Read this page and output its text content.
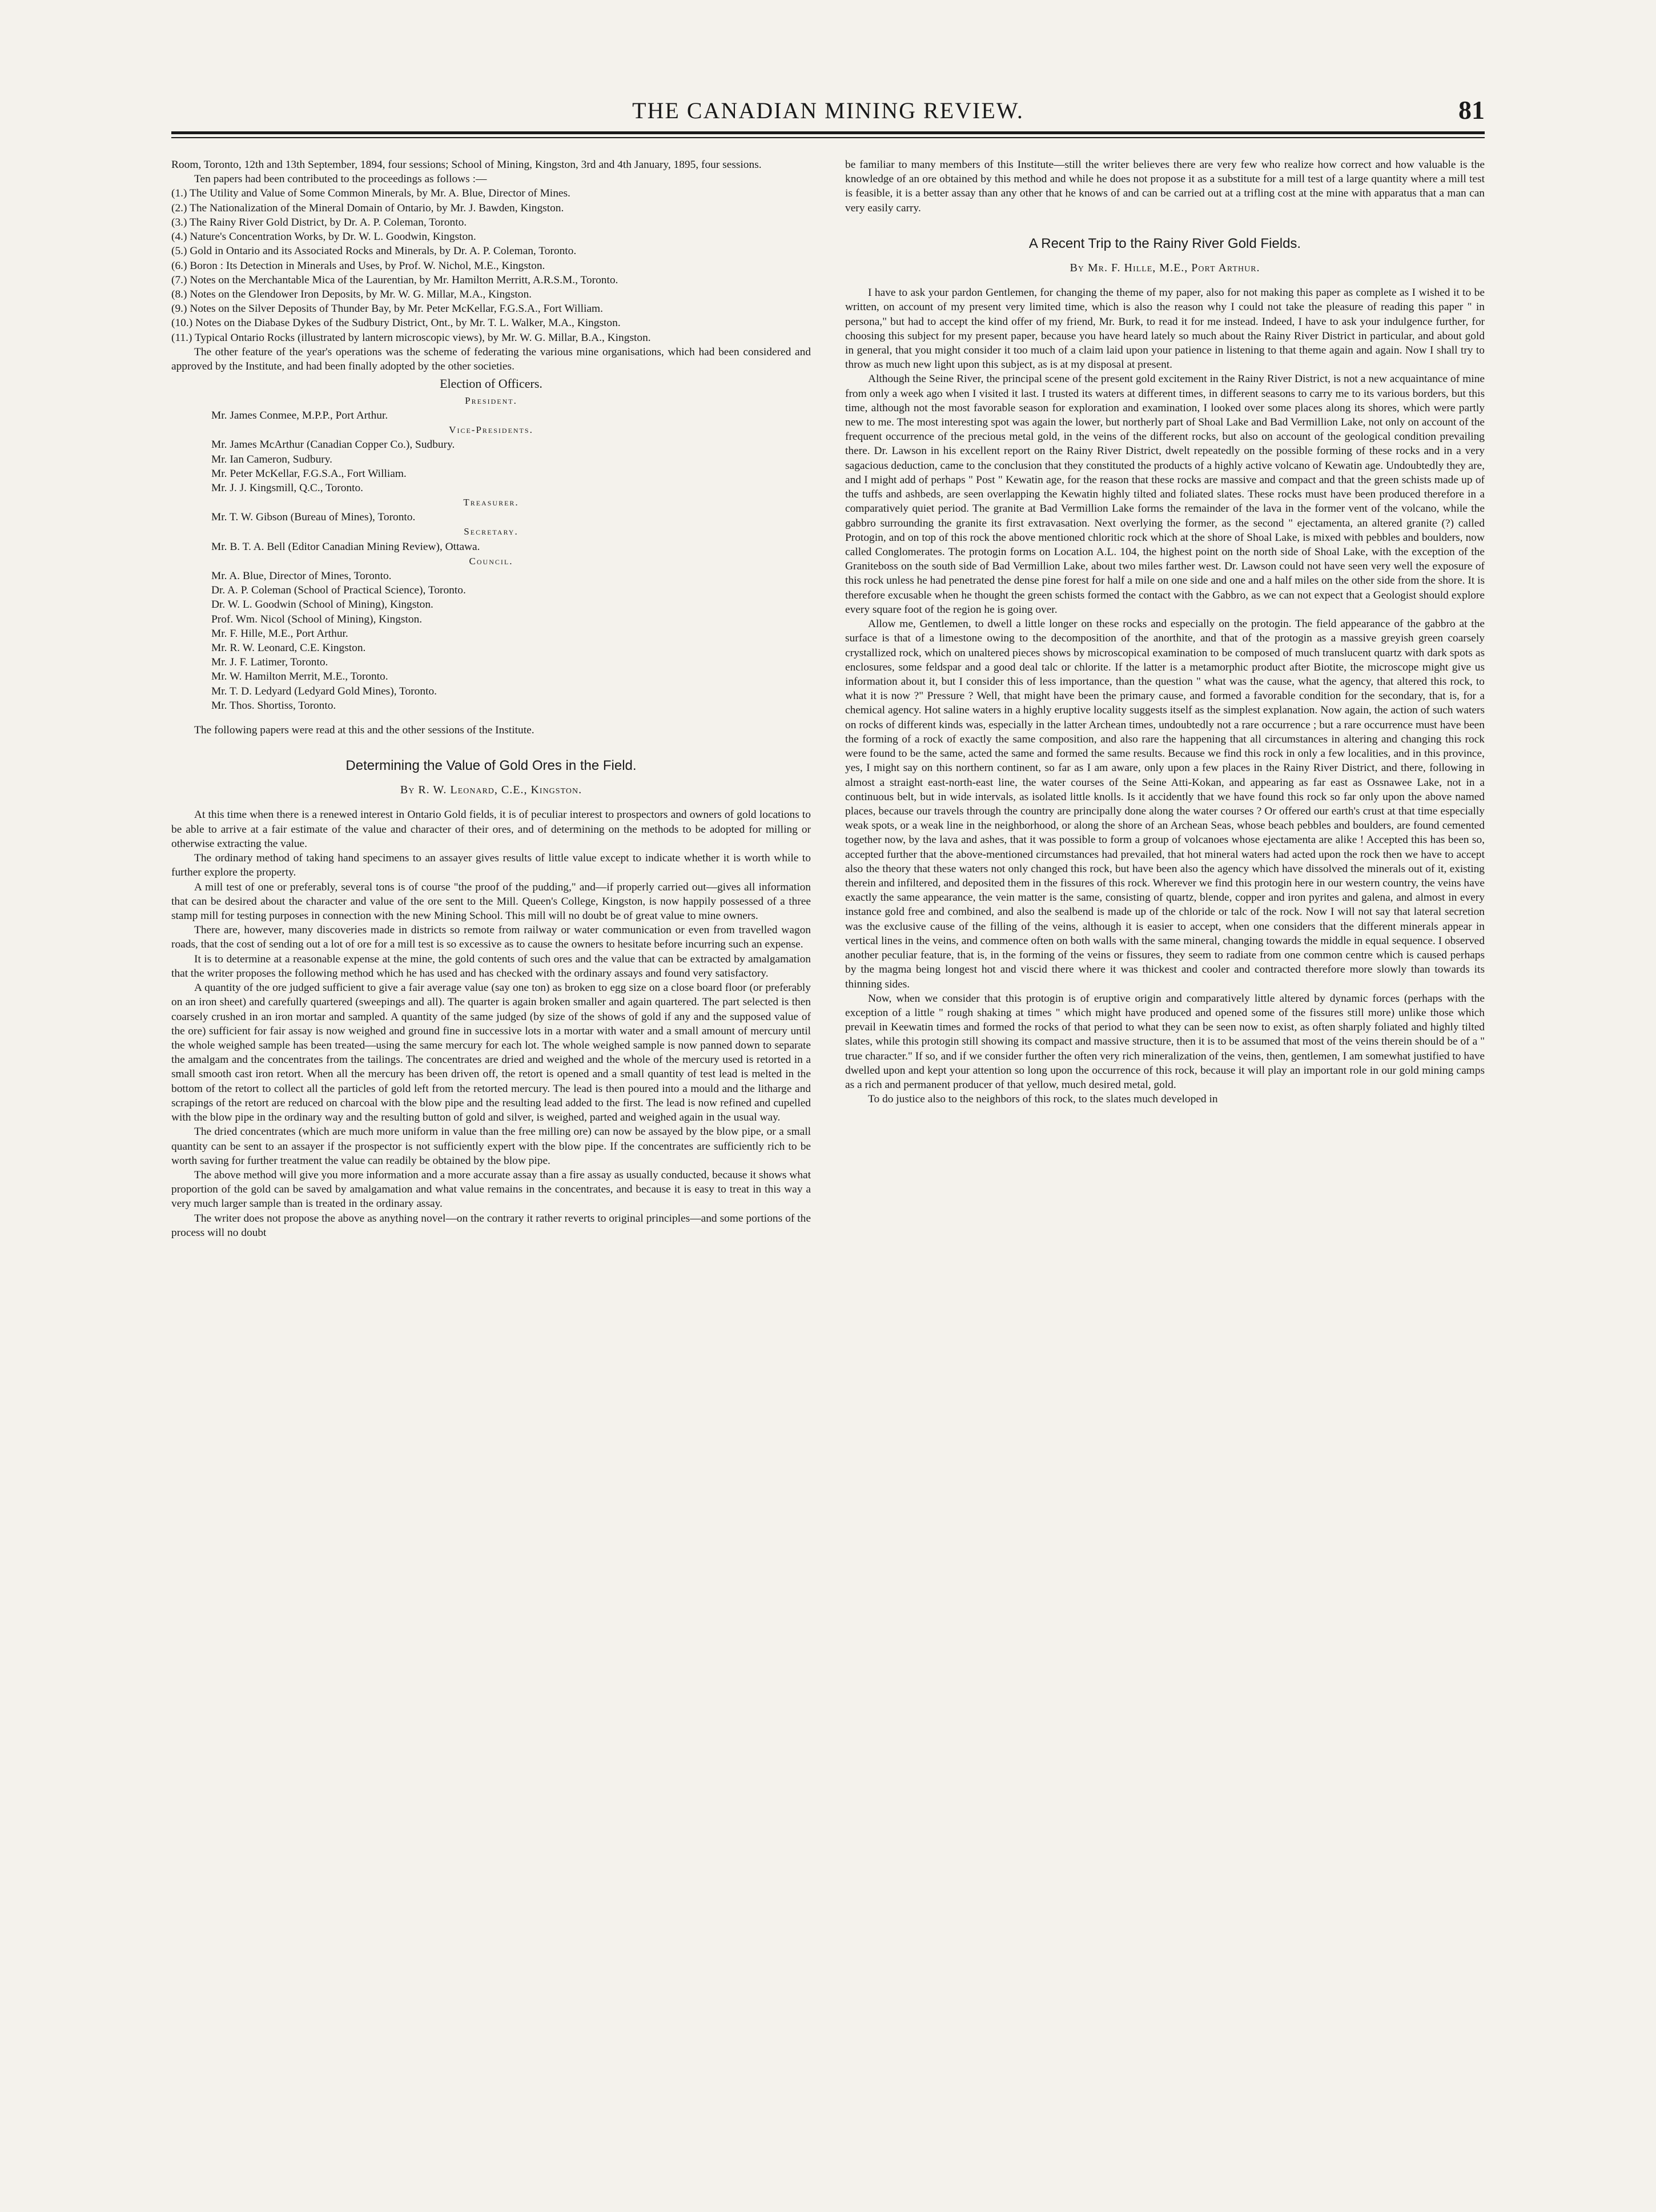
THE CANADIAN MINING REVIEW.	81

Room, Toronto, 12th and 13th September, 1894, four sessions; School of Mining, Kingston, 3rd and 4th January, 1895, four sessions.

Ten papers had been contributed to the proceedings as follows :—

(1.) The Utility and Value of Some Common Minerals, by Mr. A. Blue, Director of Mines.
(2.) The Nationalization of the Mineral Domain of Ontario, by Mr. J. Bawden, Kingston.
(3.) The Rainy River Gold District, by Dr. A. P. Coleman, Toronto.
(4.) Nature's Concentration Works, by Dr. W. L. Goodwin, Kingston.
(5.) Gold in Ontario and its Associated Rocks and Minerals, by Dr. A. P. Coleman, Toronto.
(6.) Boron : Its Detection in Minerals and Uses, by Prof. W. Nichol, M.E., Kingston.
(7.) Notes on the Merchantable Mica of the Laurentian, by Mr. Hamilton Merritt, A.R.S.M., Toronto.
(8.) Notes on the Glendower Iron Deposits, by Mr. W. G. Millar, M.A., Kingston.
(9.) Notes on the Silver Deposits of Thunder Bay, by Mr. Peter McKellar, F.G.S.A., Fort William.
(10.) Notes on the Diabase Dykes of the Sudbury District, Ont., by Mr. T. L. Walker, M.A., Kingston.
(11.) Typical Ontario Rocks (illustrated by lantern microscopic views), by Mr. W. G. Millar, B.A., Kingston.

The other feature of the year's operations was the scheme of federating the various mine organisations, which had been considered and approved by the Institute, and had been finally adopted by the other societies.

Election of Officers.
President.
Mr. James Conmee, M.P.P., Port Arthur.
Vice-Presidents.
Mr. James McArthur (Canadian Copper Co.), Sudbury.
Mr. Ian Cameron, Sudbury.
Mr. Peter McKellar, F.G.S.A., Fort William.
Mr. J. J. Kingsmill, Q.C., Toronto.
Treasurer.
Mr. T. W. Gibson (Bureau of Mines), Toronto.
Secretary.
Mr. B. T. A. Bell (Editor Canadian Mining Review), Ottawa.
Council.
Mr. A. Blue, Director of Mines, Toronto.
Dr. A. P. Coleman (School of Practical Science), Toronto.
Dr. W. L. Goodwin (School of Mining), Kingston.
Prof. Wm. Nicol (School of Mining), Kingston.
Mr. F. Hille, M.E., Port Arthur.
Mr. R. W. Leonard, C.E. Kingston.
Mr. J. F. Latimer, Toronto.
Mr. W. Hamilton Merrit, M.E., Toronto.
Mr. T. D. Ledyard (Ledyard Gold Mines), Toronto.
Mr. Thos. Shortiss, Toronto.

The following papers were read at this and the other sessions of the Institute.

Determining the Value of Gold Ores in the Field.
By R. W. Leonard, C.E., Kingston.

At this time when there is a renewed interest in Ontario Gold fields, it is of peculiar interest to prospectors and owners of gold locations to be able to arrive at a fair estimate of the value and character of their ores, and of determining on the methods to be adopted for milling or otherwise extracting the value.

The ordinary method of taking hand specimens to an assayer gives results of little value except to indicate whether it is worth while to further explore the property.

A mill test of one or preferably, several tons is of course "the proof of the pudding," and—if properly carried out—gives all information that can be desired about the character and value of the ore sent to the Mill. Queen's College, Kingston, is now happily possessed of a three stamp mill for testing purposes in connection with the new Mining School. This mill will no doubt be of great value to mine owners.

There are, however, many discoveries made in districts so remote from railway or water communication or even from travelled wagon roads, that the cost of sending out a lot of ore for a mill test is so excessive as to cause the owners to hesitate before incurring such an expense.

It is to determine at a reasonable expense at the mine, the gold contents of such ores and the value that can be extracted by amalgamation that the writer proposes the following method which he has used and has checked with the ordinary assays and found very satisfactory.

A quantity of the ore judged sufficient to give a fair average value (say one ton) as broken to egg size on a close board floor (or preferably on an iron sheet) and carefully quartered (sweepings and all). The quarter is again broken smaller and again quartered. The part selected is then coarsely crushed in an iron mortar and sampled. A quantity of the same judged (by size of the shows of gold if any and the supposed value of the ore) sufficient for fair assay is now weighed and ground fine in successive lots in a mortar with water and a small amount of mercury until the whole weighed sample has been treated—using the same mercury for each lot. The whole weighed sample is now panned down to separate the amalgam and the concentrates from the tailings. The concentrates are dried and weighed and the whole of the mercury used is retorted in a small smooth cast iron retort. When all the mercury has been driven off, the retort is opened and a small quantity of test lead is melted in the bottom of the retort to collect all the particles of gold left from the retorted mercury. The lead is then poured into a mould and the litharge and scrapings of the retort are reduced on charcoal with the blow pipe and the resulting lead added to the first. The lead is now refined and cupelled with the blow pipe in the ordinary way and the resulting button of gold and silver, is weighed, parted and weighed again in the usual way.

The dried concentrates (which are much more uniform in value than the free milling ore) can now be assayed by the blow pipe, or a small quantity can be sent to an assayer if the prospector is not sufficiently expert with the blow pipe. If the concentrates are sufficiently rich to be worth saving for further treatment the value can readily be obtained by the blow pipe.

The above method will give you more information and a more accurate assay than a fire assay as usually conducted, because it shows what proportion of the gold can be saved by amalgamation and what value remains in the concentrates, and because it is easy to treat in this way a very much larger sample than is treated in the ordinary assay.

The writer does not propose the above as anything novel—on the contrary it rather reverts to original principles—and some portions of the process will no doubt

be familiar to many members of this Institute—still the writer believes there are very few who realize how correct and how valuable is the knowledge of an ore obtained by this method and while he does not propose it as a substitute for a mill test of a large quantity where a mill test is feasible, it is a better assay than any other that he knows of and can be carried out at a trifling cost at the mine with apparatus that a man can very easily carry.

A Recent Trip to the Rainy River Gold Fields.
By Mr. F. Hille, M.E., Port Arthur.

I have to ask your pardon Gentlemen, for changing the theme of my paper, also for not making this paper as complete as I wished it to be written, on account of my present very limited time, which is also the reason why I could not take the pleasure of reading this paper " in persona," but had to accept the kind offer of my friend, Mr. Burk, to read it for me instead. Indeed, I have to ask your indulgence further, for choosing this subject for my present paper, because you have heard lately so much about the Rainy River District in particular, and about gold in general, that you might consider it too much of a claim laid upon your patience in listening to that theme again and again. Now I shall try to throw as much new light upon this subject, as is at my disposal at present.

Although the Seine River, the principal scene of the present gold excitement in the Rainy River District, is not a new acquaintance of mine from only a week ago when I visited it last. I trusted its waters at different times, in different seasons to carry me to its various borders, but this time, although not the most favorable season for exploration and examination, I looked over some places along its shores, which were partly new to me. The most interesting spot was again the lower, but northerly part of Shoal Lake and Bad Vermillion Lake, not only on account of the frequent occurrence of the precious metal gold, in the veins of the different rocks, but also on account of the geological condition prevailing there. Dr. Lawson in his excellent report on the Rainy River District, dwelt repeatedly on the possible forming of these rocks and in a very sagacious deduction, came to the conclusion that they constituted the products of a highly active volcano of Kewatin age. Undoubtedly they are, and I might add of perhaps " Post " Kewatin age, for the reason that these rocks are massive and compact and that the green schists made up of the tuffs and ashbeds, are seen overlapping the Kewatin highly tilted and foliated slates. These rocks must have been produced therefore in a comparatively quiet period. The granite at Bad Vermillion Lake forms the remainder of the lava in the former vent of the volcano, while the gabbro surrounding the granite its first extravasation. Next overlying the former, as the second " ejectamenta, an altered granite (?) called Protogin, and on top of this rock the above mentioned chloritic rock which at the shore of Shoal Lake, is mixed with pebbles and boulders, now called Conglomerates. The protogin forms on Location A.L. 104, the highest point on the north side of Shoal Lake, with the exception of the Graniteboss on the south side of Bad Vermillion Lake, about two miles farther west. Dr. Lawson could not have seen very well the exposure of this rock unless he had penetrated the dense pine forest for half a mile on one side and one and a half miles on the other side from the shore. It is therefore excusable when he thought the green schists formed the contact with the Gabbro, as we can not expect that a Geologist should explore every square foot of the region he is going over.

Allow me, Gentlemen, to dwell a little longer on these rocks and especially on the protogin. The field appearance of the gabbro at the surface is that of a limestone owing to the decomposition of the anorthite, and that of the protogin as a massive greyish green coarsely crystallized rock, which on unaltered pieces shows by microscopical examination to be composed of much translucent quartz with dark spots as enclosures, some feldspar and a good deal talc or chlorite. If the latter is a metamorphic product after Biotite, the microscope might give us information about it, but I consider this of less importance, than the question " what was the cause, what the agency, that altered this rock, to what it is now ?" Pressure ? Well, that might have been the primary cause, and formed a favorable condition for the secondary, that is, for a chemical agency. Hot saline waters in a highly eruptive locality suggests itself as the simplest explanation. Now again, the action of such waters on rocks of different kinds was, especially in the latter Archean times, undoubtedly not a rare occurrence ; but a rare occurrence must have been the forming of a rock of exactly the same composition, and also rare the happening that all circumstances in altering and changing this rock were found to be the same, acted the same and formed the same results. Because we find this rock in only a few localities, and in this province, yes, I might say on this northern continent, so far as I am aware, only upon a few places in the Rainy River District, and there, following in almost a straight east-north-east line, the water courses of the Seine Atti-Kokan, and appearing as far east as Ossnawee Lake, not in a continuous belt, but in wide intervals, as isolated little knolls. Is it accidently that we have found this rock so far only upon the above named places, because our travels through the country are principally done along the water courses ? Or offered our earth's crust at that time especially weak spots, or a weak line in the neighborhood, or along the shore of an Archean Seas, whose beach pebbles and boulders, are found cemented together now, by the lava and ashes, that it was possible to form a group of volcanoes whose ejectamenta are alike ! Accepted this has been so, accepted further that the above-mentioned circumstances had prevailed, that hot mineral waters had acted upon the rock then we have to accept also the theory that these waters not only changed this rock, but have been also the agency which have dissolved the minerals out of it, existing therein and infiltered, and deposited them in the fissures of this rock. Wherever we find this protogin here in our western country, the veins have exactly the same appearance, the vein matter is the same, consisting of quartz, blende, copper and iron pyrites and galena, and almost in every instance gold free and combined, and also the sealbend is made up of the chloride or talc of the rock. Now I will not say that lateral secretion was the exclusive cause of the filling of the veins, although it is easier to accept, when one considers that the different minerals appear in vertical lines in the veins, and commence often on both walls with the same mineral, changing towards the middle in equal sequence. I observed another peculiar feature, that is, in the forming of the veins or fissures, they seem to radiate from one common centre which is caused perhaps by the magma being longest hot and viscid there where it was thickest and cooler and contracted therefore more slowly than towards its thinning sides.

Now, when we consider that this protogin is of eruptive origin and comparatively little altered by dynamic forces (perhaps with the exception of a little " rough shaking at times " which might have produced and opened some of the fissures still more) unlike those which prevail in Keewatin times and formed the rocks of that period to what they can be seen now to exist, as often sharply foliated and highly tilted slates, while this protogin still showing its compact and massive structure, then it is to be assumed that most of the veins therein should be of a " true character." If so, and if we consider further the often very rich mineralization of the veins, then, gentlemen, I am somewhat justified to have dwelled upon and kept your attention so long upon the occurrence of this rock, because it will play an important role in our gold mining camps as a rich and permanent producer of that yellow, much desired metal, gold.

To do justice also to the neighbors of this rock, to the slates much developed in
